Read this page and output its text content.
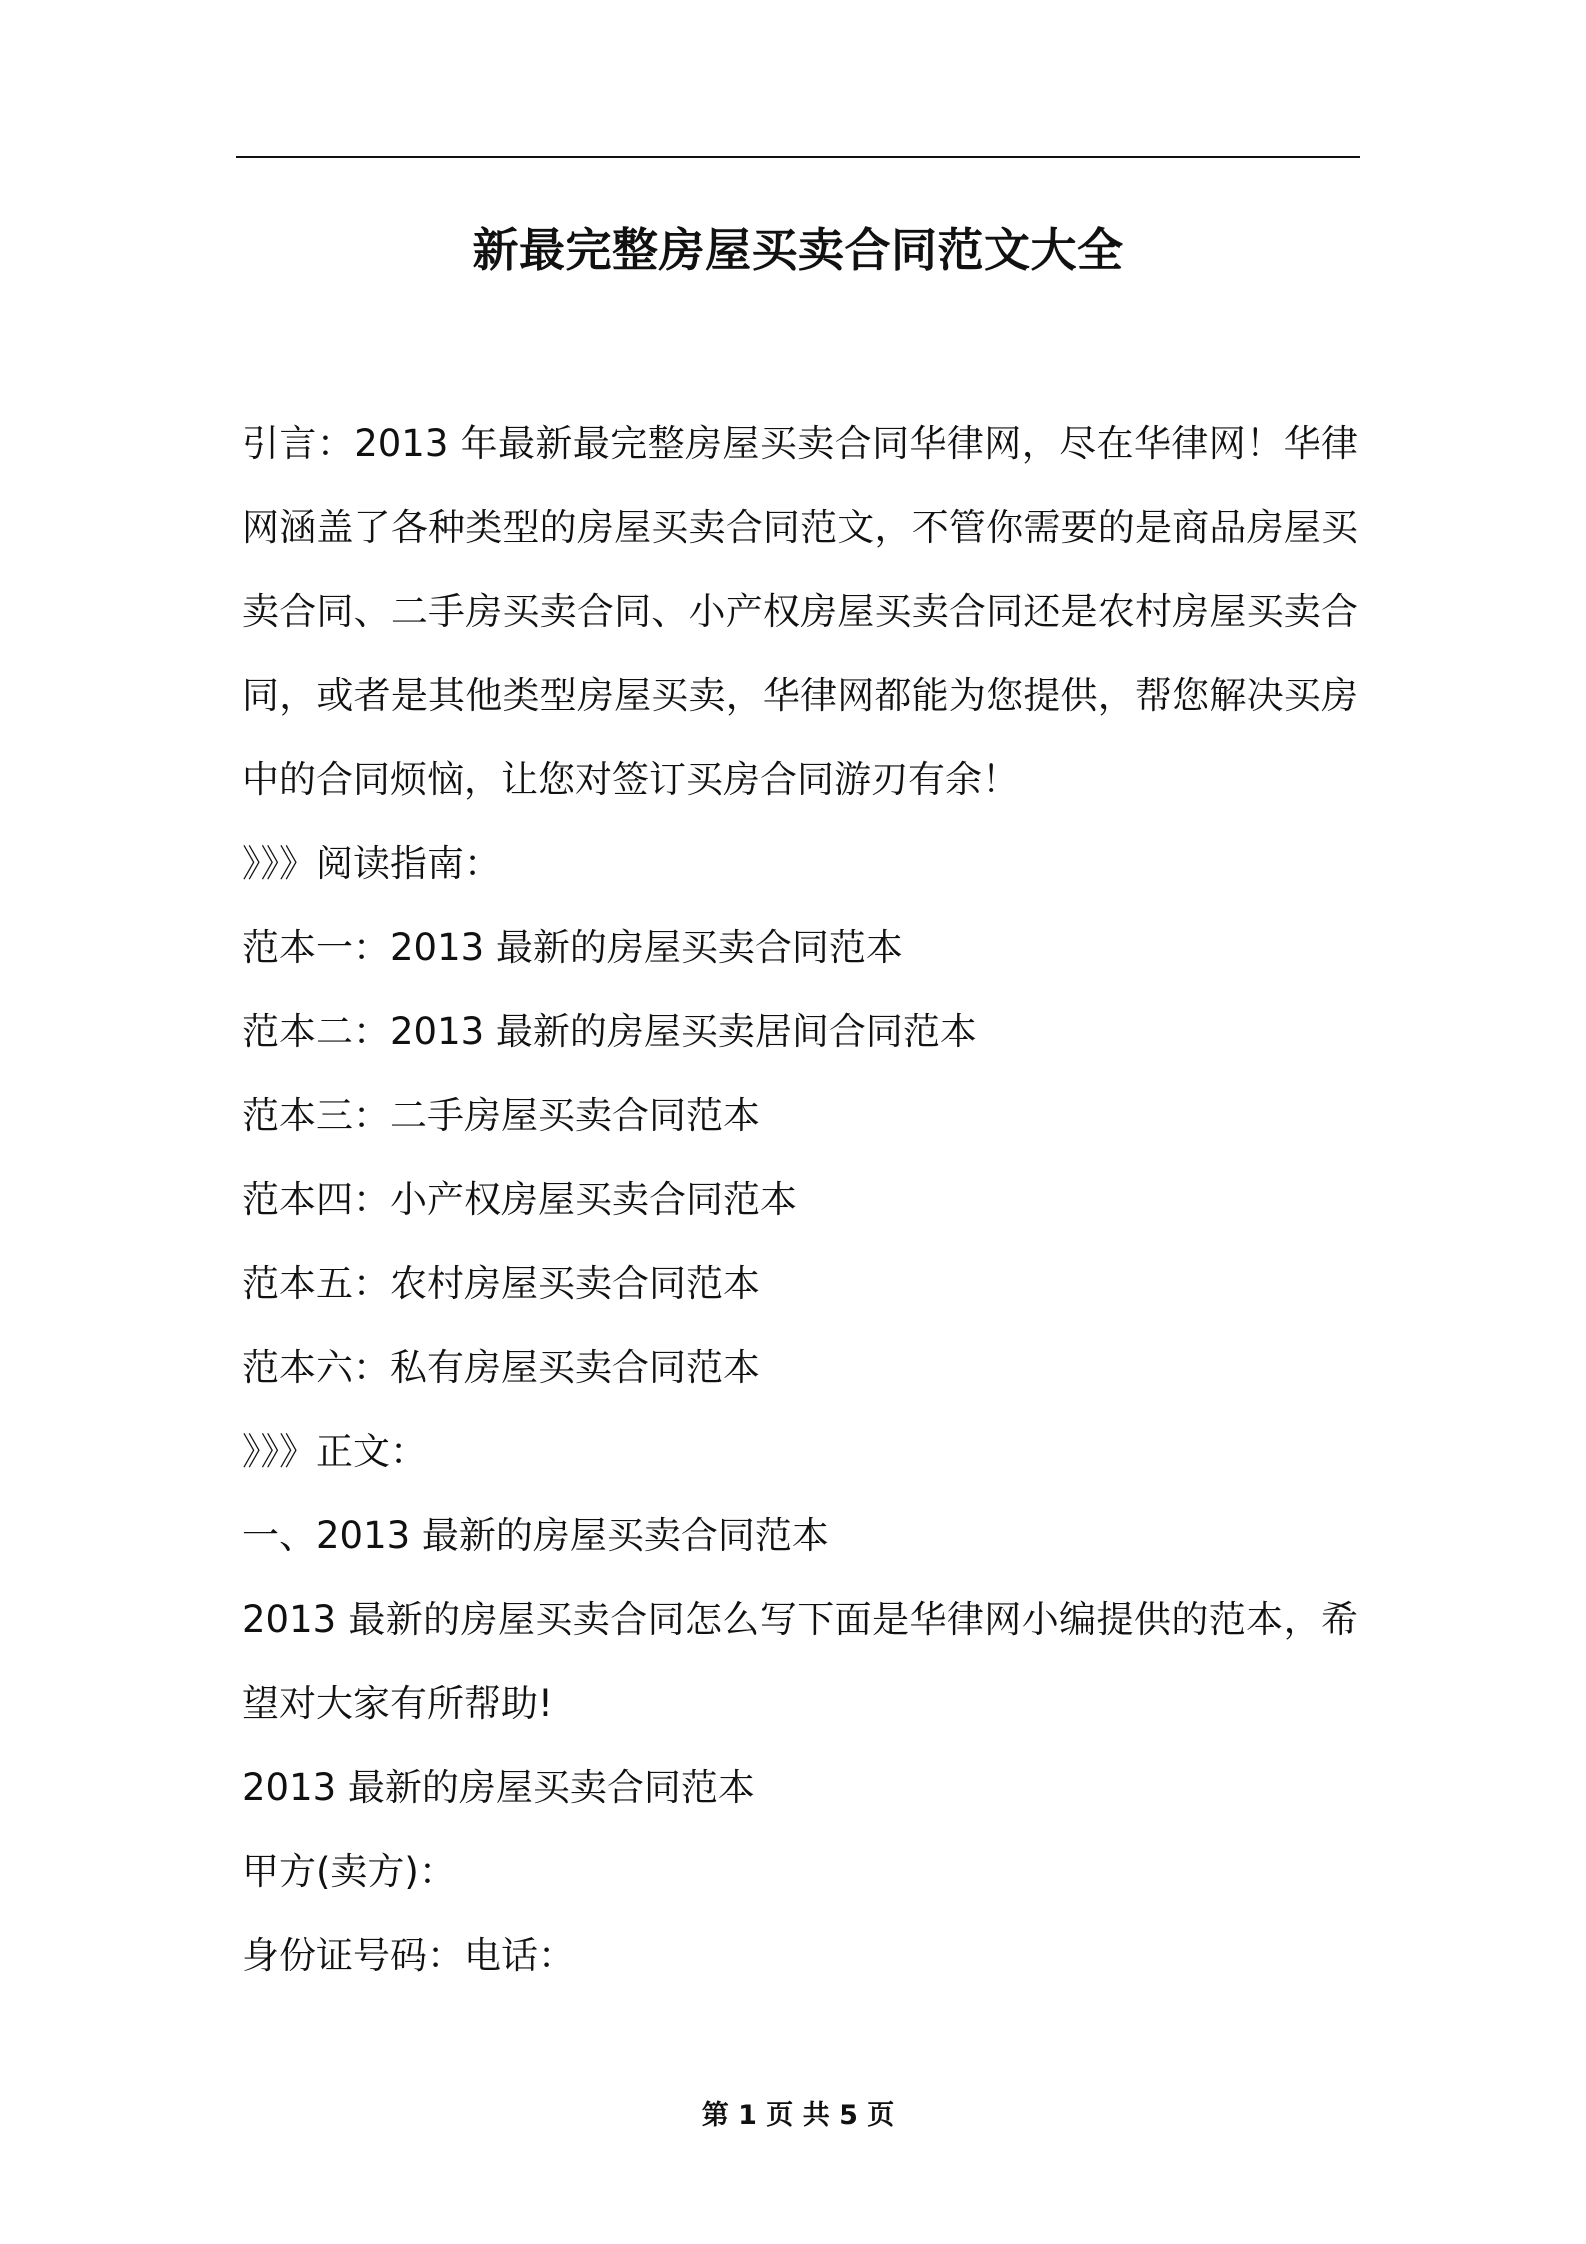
新最完整房屋买卖合同范文大全

引言：2013 年最新最完整房屋买卖合同华律网，尽在华律网！华律网涵盖了各种类型的房屋买卖合同范文，不管你需要的是商品房屋买卖合同、二手房买卖合同、小产权房屋买卖合同还是农村房屋买卖合同，或者是其他类型房屋买卖，华律网都能为您提供，帮您解决买房中的合同烦恼，让您对签订买房合同游刃有余！

》》》阅读指南：

范本一：2013 最新的房屋买卖合同范本

范本二：2013 最新的房屋买卖居间合同范本

范本三：二手房屋买卖合同范本

范本四：小产权房屋买卖合同范本

范本五：农村房屋买卖合同范本

范本六：私有房屋买卖合同范本

》》》正文：

一、2013 最新的房屋买卖合同范本

2013 最新的房屋买卖合同怎么写下面是华律网小编提供的范本，希望对大家有所帮助!

2013 最新的房屋买卖合同范本

甲方(卖方)：

身份证号码：电话：

第 1 页 共 5 页
